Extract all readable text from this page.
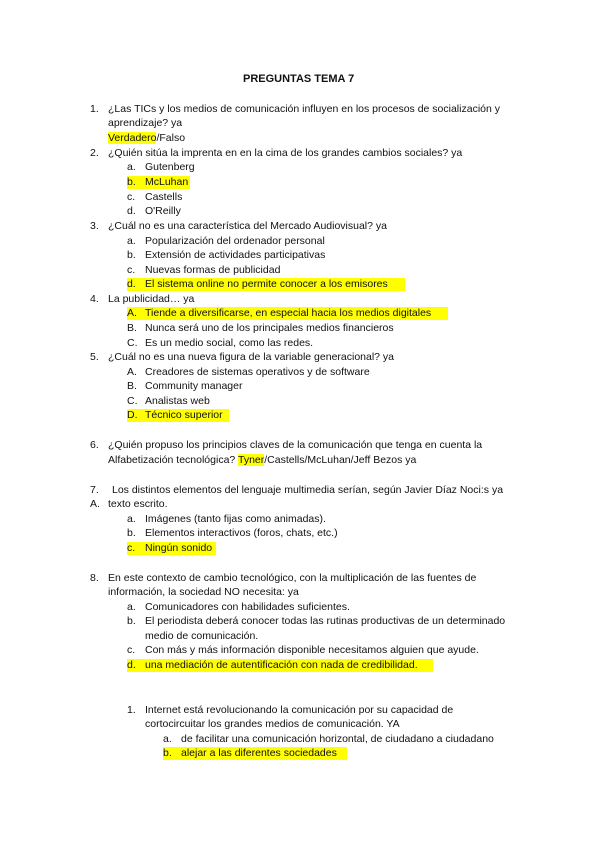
PREGUNTAS TEMA 7
1. ¿Las TICs y los medios de comunicación influyen en los procesos de socialización y
aprendizaje? ya
Verdadero/Falso
2. ¿Quién sitúa la imprenta en en la cima de los grandes cambios sociales? ya
a. Gutenberg
b. McLuhan
c. Castells
d. O'Reilly
3. ¿Cuál no es una característica del Mercado Audiovisual? ya
a. Popularización del ordenador personal
b. Extensión de actividades participativas
c. Nuevas formas de publicidad
d. El sistema online no permite conocer a los emisores
4. La publicidad… ya
A. Tiende a diversificarse, en especial hacia los medios digitales
B. Nunca será uno de los principales medios financieros
C. Es un medio social, como las redes.
5. ¿Cuál no es una nueva figura de la variable generacional? ya
A. Creadores de sistemas operativos y de software
B. Community manager
C. Analistas web
D. Técnico superior
6. ¿Quién propuso los principios claves de la comunicación que tenga en cuenta la
Alfabetización tecnológica? Tyner/Castells/McLuhan/Jeff Bezos ya
7. Los distintos elementos del lenguaje multimedia serían, según Javier Díaz Noci:s ya
A. texto escrito.
a. Imágenes (tanto fijas como animadas).
b. Elementos interactivos (foros, chats, etc.)
c. Ningún sonido
8. En este contexto de cambio tecnológico, con la multiplicación de las fuentes de
información, la sociedad NO necesita: ya
a. Comunicadores con habilidades suficientes.
b. El periodista deberá conocer todas las rutinas productivas de un determinado
medio de comunicación.
c. Con más y más información disponible necesitamos alguien que ayude.
d. una mediación de autentificación con nada de credibilidad.
1. Internet está revolucionando la comunicación por su capacidad de
cortocircuitar los grandes medios de comunicación. YA
a. de facilitar una comunicación horizontal, de ciudadano a ciudadano
b. alejar a las diferentes sociedades
